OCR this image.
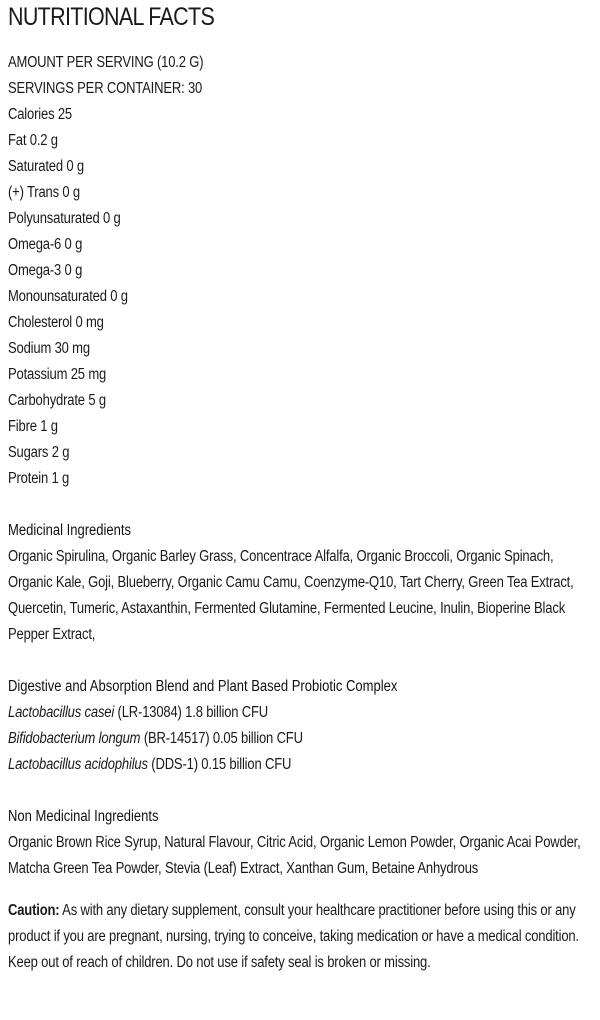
NUTRITIONAL FACTS
AMOUNT PER SERVING (10.2 G)
SERVINGS PER CONTAINER: 30
Calories 25
Fat 0.2 g
Saturated 0 g
(+) Trans 0 g
Polyunsaturated 0 g
Omega-6 0 g
Omega-3 0 g
Monounsaturated 0 g
Cholesterol 0 mg
Sodium 30 mg
Potassium 25 mg
Carbohydrate 5 g
Fibre 1 g
Sugars 2 g
Protein 1 g
Medicinal Ingredients
Organic Spirulina, Organic Barley Grass, Concentrace Alfalfa, Organic Broccoli, Organic Spinach, Organic Kale, Goji, Blueberry, Organic Camu Camu, Coenzyme-Q10, Tart Cherry, Green Tea Extract, Quercetin, Tumeric, Astaxanthin, Fermented Glutamine, Fermented Leucine, Inulin, Bioperine Black Pepper Extract,
Digestive and Absorption Blend and Plant Based Probiotic Complex
Lactobacillus casei (LR-13084) 1.8 billion CFU
Bifidobacterium longum (BR-14517) 0.05 billion CFU
Lactobacillus acidophilus (DDS-1) 0.15 billion CFU
Non Medicinal Ingredients
Organic Brown Rice Syrup, Natural Flavour, Citric Acid, Organic Lemon Powder, Organic Acai Powder, Matcha Green Tea Powder, Stevia (Leaf) Extract, Xanthan Gum, Betaine Anhydrous
Caution: As with any dietary supplement, consult your healthcare practitioner before using this or any product if you are pregnant, nursing, trying to conceive, taking medication or have a medical condition. Keep out of reach of children. Do not use if safety seal is broken or missing.
